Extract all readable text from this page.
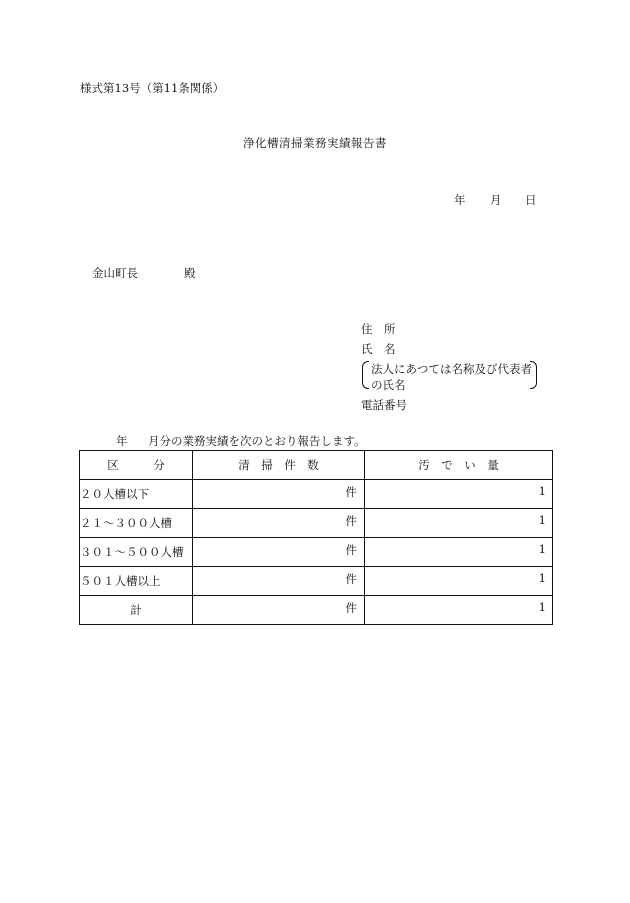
様式第13号（第11条関係）
浄化槽清掃業務実績報告書
年 月 日
金山町長	殿
住　所
氏　名
法人にあつては名称及び代表者
の氏名
電話番号
年 月分の業務実績を次のとおり報告します。
区　　　分	清　掃　件　数	汚　で　い　量
２０人槽以下	件	1

２１～３００人槽	件	1

３０１～５００人槽	件	1

５０１人槽以上	件	1

計	件	1
